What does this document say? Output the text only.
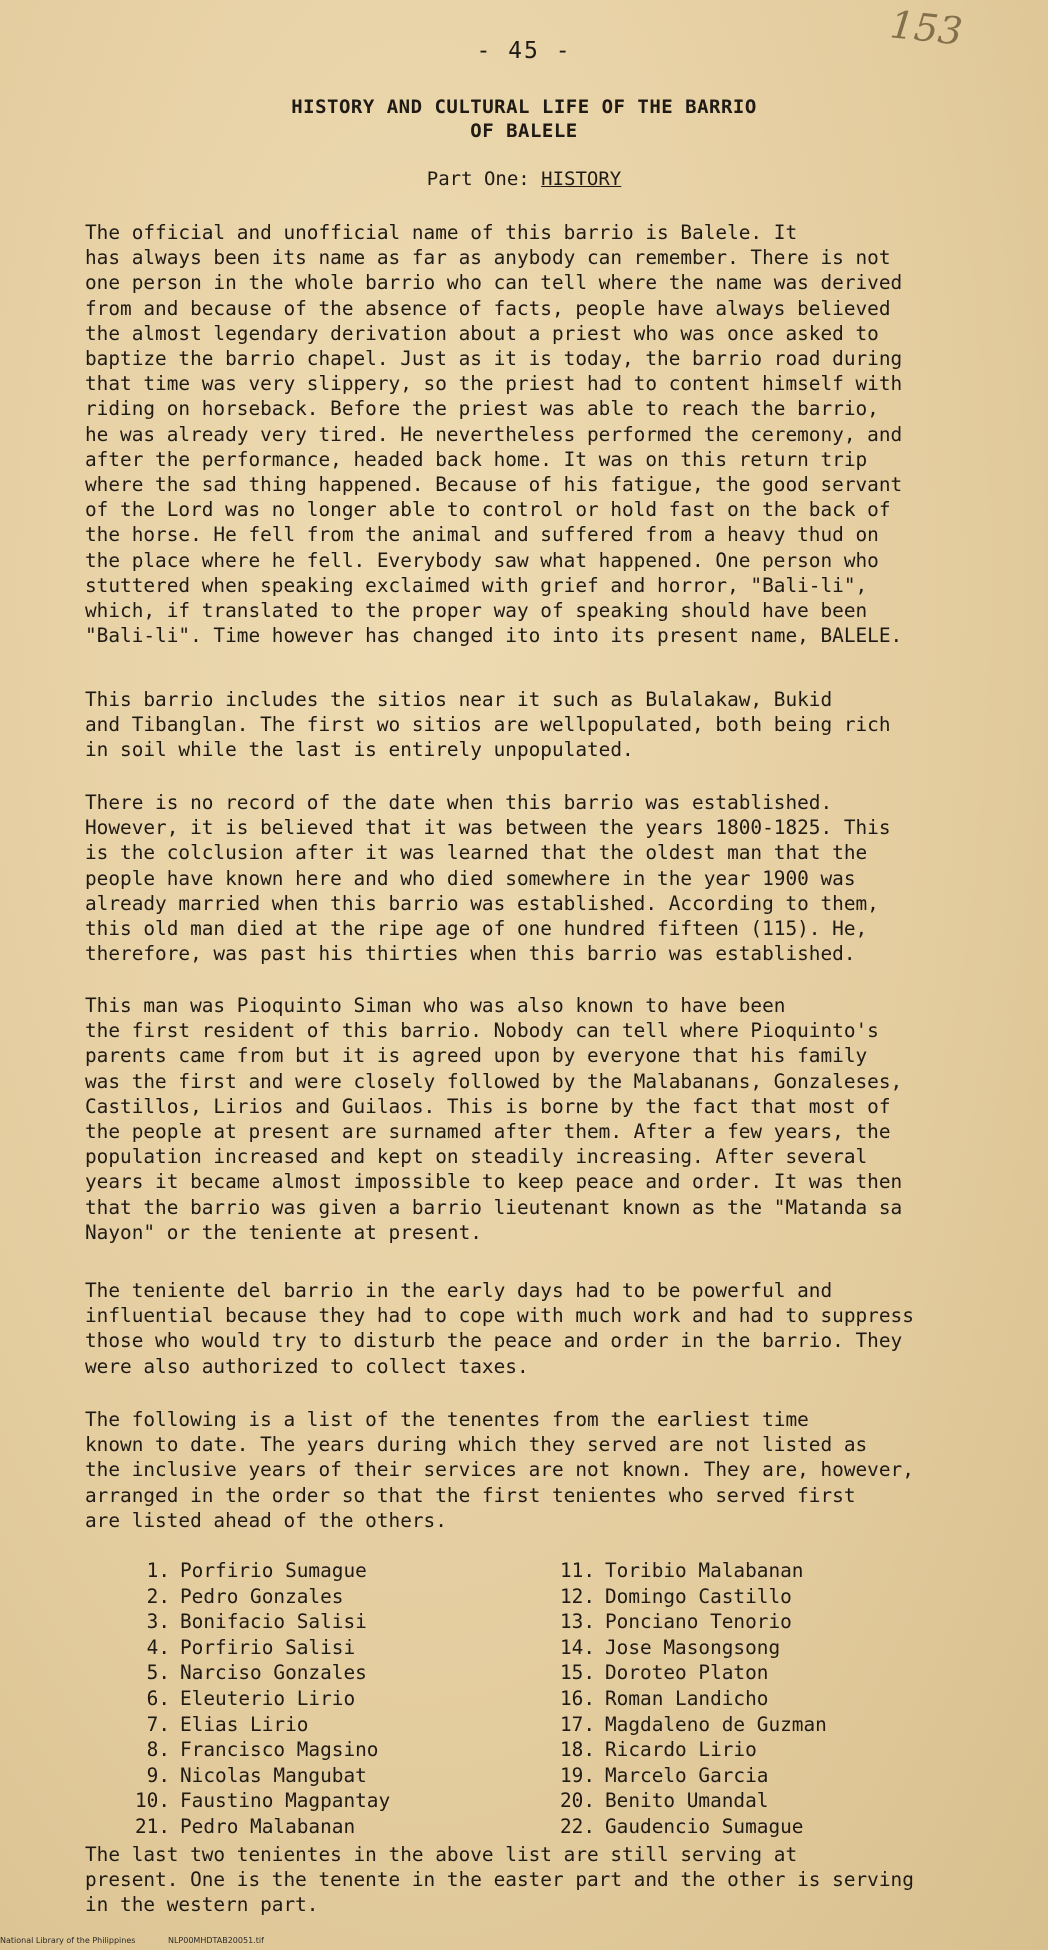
153
- 45 -
HISTORY AND CULTURAL LIFE OF THE BARRIO
OF BALELE
Part One: HISTORY

The official and unofficial name of this barrio is Balele. It
has always been its name as far as anybody can remember. There is not
one person in the whole barrio who can tell where the name was derived
from and because of the absence of facts, people have always believed
the almost legendary derivation about a priest who was once asked to
baptize the barrio chapel. Just as it is today, the barrio road during
that time was very slippery, so the priest had to content himself with
riding on horseback. Before the priest was able to reach the barrio,
he was already very tired. He nevertheless performed the ceremony, and
after the performance, headed back home. It was on this return trip
where the sad thing happened. Because of his fatigue, the good servant
of the Lord was no longer able to control or hold fast on the back of
the horse. He fell from the animal and suffered from a heavy thud on
the place where he fell. Everybody saw what happened. One person who
stuttered when speaking exclaimed with grief and horror, "Bali-li",
which, if translated to the proper way of speaking should have been
"Bali-li". Time however has changed ito into its present name, BALELE.

This barrio includes the sitios near it such as Bulalakaw, Bukid
and Tibanglan. The first wo sitios are wellpopulated, both being rich
in soil while the last is entirely unpopulated.

There is no record of the date when this barrio was established.
However, it is believed that it was between the years 1800-1825. This
is the colclusion after it was learned that the oldest man that the
people have known here and who died somewhere in the year 1900 was
already married when this barrio was established. According to them,
this old man died at the ripe age of one hundred fifteen (115). He,
therefore, was past his thirties when this barrio was established.

This man was Pioquinto Siman who was also known to have been
the first resident of this barrio. Nobody can tell where Pioquinto's
parents came from but it is agreed upon by everyone that his family
was the first and were closely followed by the Malabanans, Gonzaleses,
Castillos, Lirios and Guilaos. This is borne by the fact that most of
the people at present are surnamed after them. After a few years, the
population increased and kept on steadily increasing. After several
years it became almost impossible to keep peace and order. It was then
that the barrio was given a barrio lieutenant known as the "Matanda sa
Nayon" or the teniente at present.

The teniente del barrio in the early days had to be powerful and
influential because they had to cope with much work and had to suppress
those who would try to disturb the peace and order in the barrio. They
were also authorized to collect taxes.

The following is a list of the tenentes from the earliest time
known to date. The years during which they served are not listed as
the inclusive years of their services are not known. They are, however,
arranged in the order so that the first tenientes who served first
are listed ahead of the others.

1. Porfirio Sumague
2. Pedro Gonzales
3. Bonifacio Salisi
4. Porfirio Salisi
5. Narciso Gonzales
6. Eleuterio Lirio
7. Elias Lirio
8. Francisco Magsino
9. Nicolas Mangubat
10. Faustino Magpantay
21. Pedro Malabanan
11. Toribio Malabanan
12. Domingo Castillo
13. Ponciano Tenorio
14. Jose Masongsong
15. Doroteo Platon
16. Roman Landicho
17. Magdaleno de Guzman
18. Ricardo Lirio
19. Marcelo Garcia
20. Benito Umandal
22. Gaudencio Sumague

The last two tenientes in the above list are still serving at
present. One is the tenente in the easter part and the other is serving
in the western part.

National Library of the Philippines	NLP00MHDTAB20051.tif
